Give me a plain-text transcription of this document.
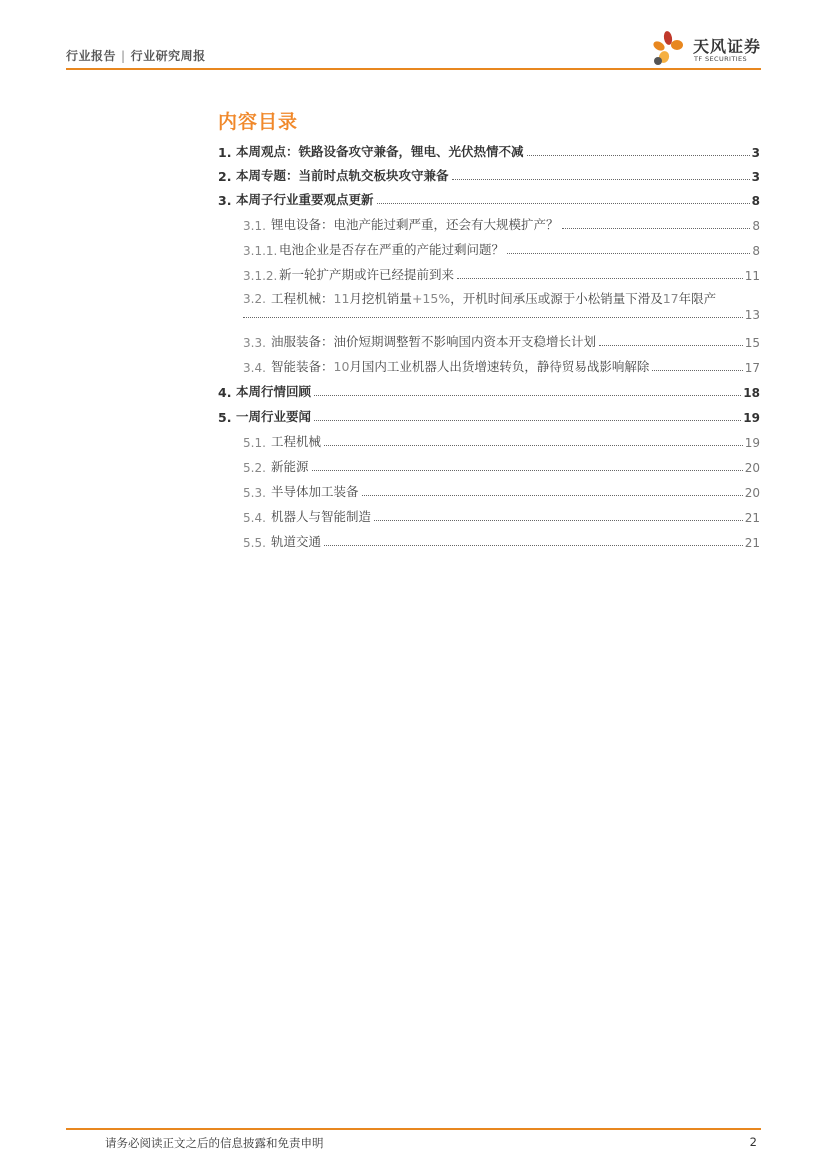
行业报告 | 行业研究周报	天风证券
TF SECURITIES
内容目录
1. 本周观点：铁路设备攻守兼备，锂电、光伏热情不减	3
2. 本周专题：当前时点轨交板块攻守兼备	3
3. 本周子行业重要观点更新	8
3.1. 锂电设备：电池产能过剩严重，还会有大规模扩产？	8
3.1.1. 电池企业是否存在严重的产能过剩问题？	8
3.1.2. 新一轮扩产期或许已经提前到来	11
3.2. 工程机械：11月挖机销量+15%，开机时间承压或源于小松销量下滑及17年限产
13
3.3. 油服装备：油价短期调整暂不影响国内资本开支稳增长计划	15
3.4. 智能装备：10月国内工业机器人出货增速转负，静待贸易战影响解除	17
4. 本周行情回顾	18
5. 一周行业要闻	19
5.1. 工程机械	19
5.2. 新能源	20
5.3. 半导体加工装备	20
5.4. 机器人与智能制造	21
5.5. 轨道交通	21
请务必阅读正文之后的信息披露和免责申明	2
